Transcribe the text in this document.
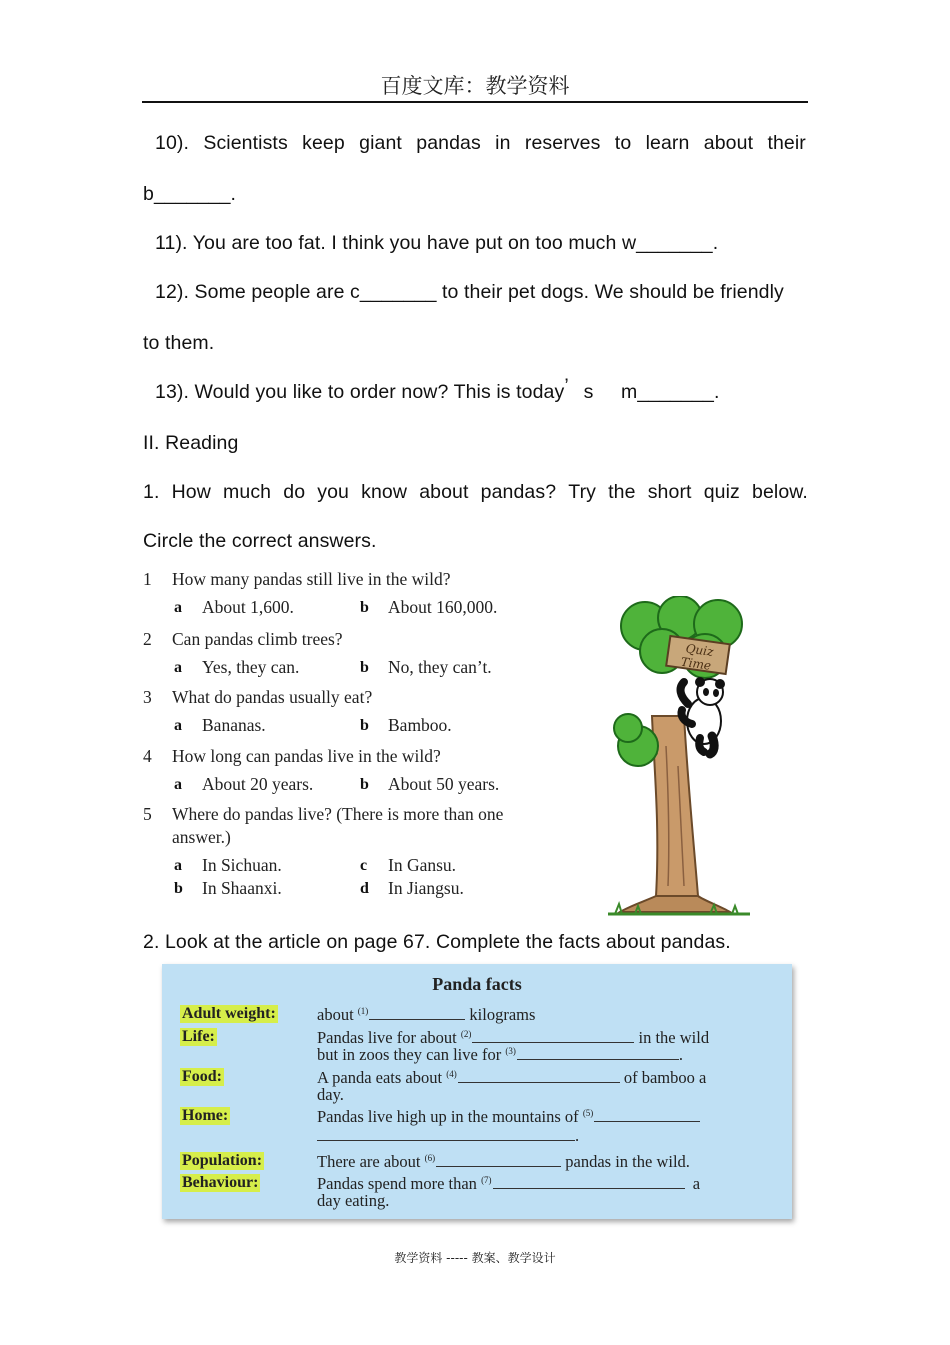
百度文库：教学资料
10). Scientists keep giant pandas in reserves to learn about their
b_______.
11). You are too fat. I think you have put on too much w_______.
12). Some people are c_______ to their pet dogs. We should be friendly
to them.
13). Would you like to order now? This is today’ s m_______.
II. Reading
1. How much do you know about pandas? Try the short quiz below.
Circle the correct answers.
1 How many pandas still live in the wild?
a About 1,600.	b About 160,000.
2 Can pandas climb trees?
a Yes, they can.	b No, they can’t.
3 What do pandas usually eat?
a Bananas.	b Bamboo.
4 How long can pandas live in the wild?
a About 20 years.	b About 50 years.
5 Where do pandas live? (There is more than one
answer.)
a In Sichuan.	c In Gansu.
b In Shaanxi.	d In Jiangsu.
Quiz
Time
2. Look at the article on page 67. Complete the facts about pandas.
Panda facts
Adult weight: about $^{(1)}$	kilograms
Life:	Pandas live for about $^{(2)}$	in the wild
but in zoos they can live for $^{(3)}$	.
Food:	A panda eats about $^{(4)}$	of bamboo a
day.
Home:	Pandas live high up in the mountains of $^{(5)}$
.
Population:	There are about $^{(6)}$	pandas in the wild.
Behaviour:	Pandas spend more than $^{(7)}$	a
day eating.
教学资料 ----- 教案、教学设计
